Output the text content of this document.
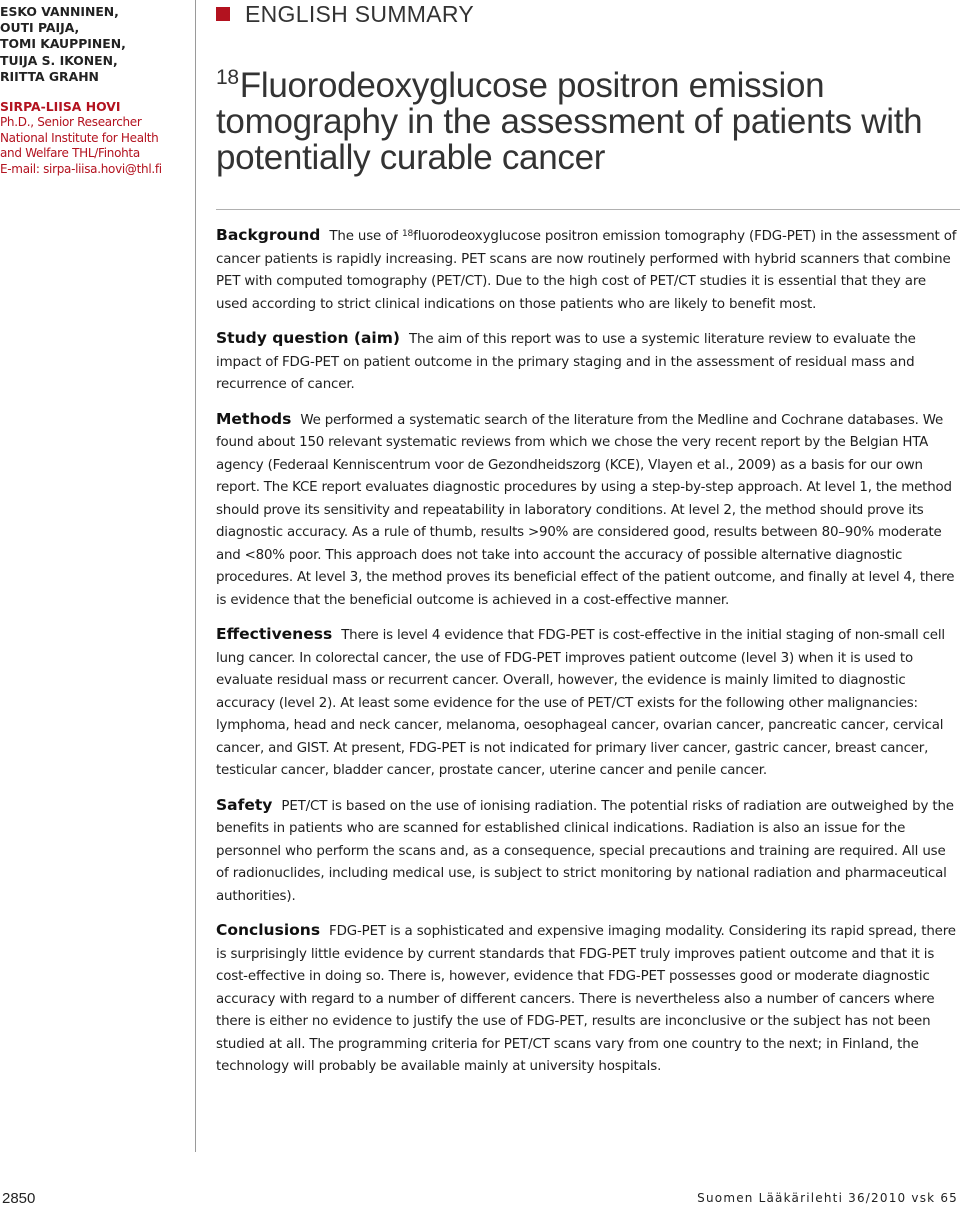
ESKO VANNINEN,
OUTI PAIJA,
TOMI KAUPPINEN,
TUIJA S. IKONEN,
RIITTA GRAHN
SIRPA-LIISA HOVI
Ph.D., Senior Researcher
National Institute for Health
and Welfare THL/Finohta
E-mail: sirpa-liisa.hovi@thl.fi
ENGLISH SUMMARY
$^{18}$Fluorodeoxyglucose positron emission tomography in the assessment of patients with potentially curable cancer

Background The use of $^{18}$fluorodeoxyglucose positron emission tomography (FDG-PET) in the assessment of cancer patients is rapidly increasing. PET scans are now routinely performed with hybrid scanners that combine PET with computed tomography (PET/CT). Due to the high cost of PET/CT studies it is essential that they are used according to strict clinical indications on those patients who are likely to benefit most.

Study question (aim) The aim of this report was to use a systemic literature review to evaluate the impact of FDG-PET on patient outcome in the primary staging and in the assessment of residual mass and recurrence of cancer.

Methods We performed a systematic search of the literature from the Medline and Cochrane databases. We found about 150 relevant systematic reviews from which we chose the very recent report by the Belgian HTA agency (Federaal Kenniscentrum voor de Gezondheidszorg (KCE), Vlayen et al., 2009) as a basis for our own report. The KCE report evaluates diagnostic procedures by using a step-by-step approach. At level 1, the method should prove its sensitivity and repeatability in laboratory conditions. At level 2, the method should prove its diagnostic accuracy. As a rule of thumb, results >90% are considered good, results between 80–90% moderate and <80% poor. This approach does not take into account the accuracy of possible alternative diagnostic procedures. At level 3, the method proves its beneficial effect of the patient outcome, and finally at level 4, there is evidence that the beneficial outcome is achieved in a cost-effective manner.

Effectiveness There is level 4 evidence that FDG-PET is cost-effective in the initial staging of non-small cell lung cancer. In colorectal cancer, the use of FDG-PET improves patient outcome (level 3) when it is used to evaluate residual mass or recurrent cancer. Overall, however, the evidence is mainly limited to diagnostic accuracy (level 2). At least some evidence for the use of PET/CT exists for the following other malignancies: lymphoma, head and neck cancer, melanoma, oesophageal cancer, ovarian cancer, pancreatic cancer, cervical cancer, and GIST. At present, FDG-PET is not indicated for primary liver cancer, gastric cancer, breast cancer, testicular cancer, bladder cancer, prostate cancer, uterine cancer and penile cancer.

Safety PET/CT is based on the use of ionising radiation. The potential risks of radiation are outweighed by the benefits in patients who are scanned for established clinical indications. Radiation is also an issue for the personnel who perform the scans and, as a consequence, special precautions and training are required. All use of radionuclides, including medical use, is subject to strict monitoring by national radiation and pharmaceutical authorities).

Conclusions FDG-PET is a sophisticated and expensive imaging modality. Considering its rapid spread, there is surprisingly little evidence by current standards that FDG-PET truly improves patient outcome and that it is cost-effective in doing so. There is, however, evidence that FDG-PET possesses good or moderate diagnostic accuracy with regard to a number of different cancers. There is nevertheless also a number of cancers where there is either no evidence to justify the use of FDG-PET, results are inconclusive or the subject has not been studied at all. The programming criteria for PET/CT scans vary from one country to the next; in Finland, the technology will probably be available mainly at university hospitals.

2850	Suomen Lääkärilehti 36/2010 vsk 65
